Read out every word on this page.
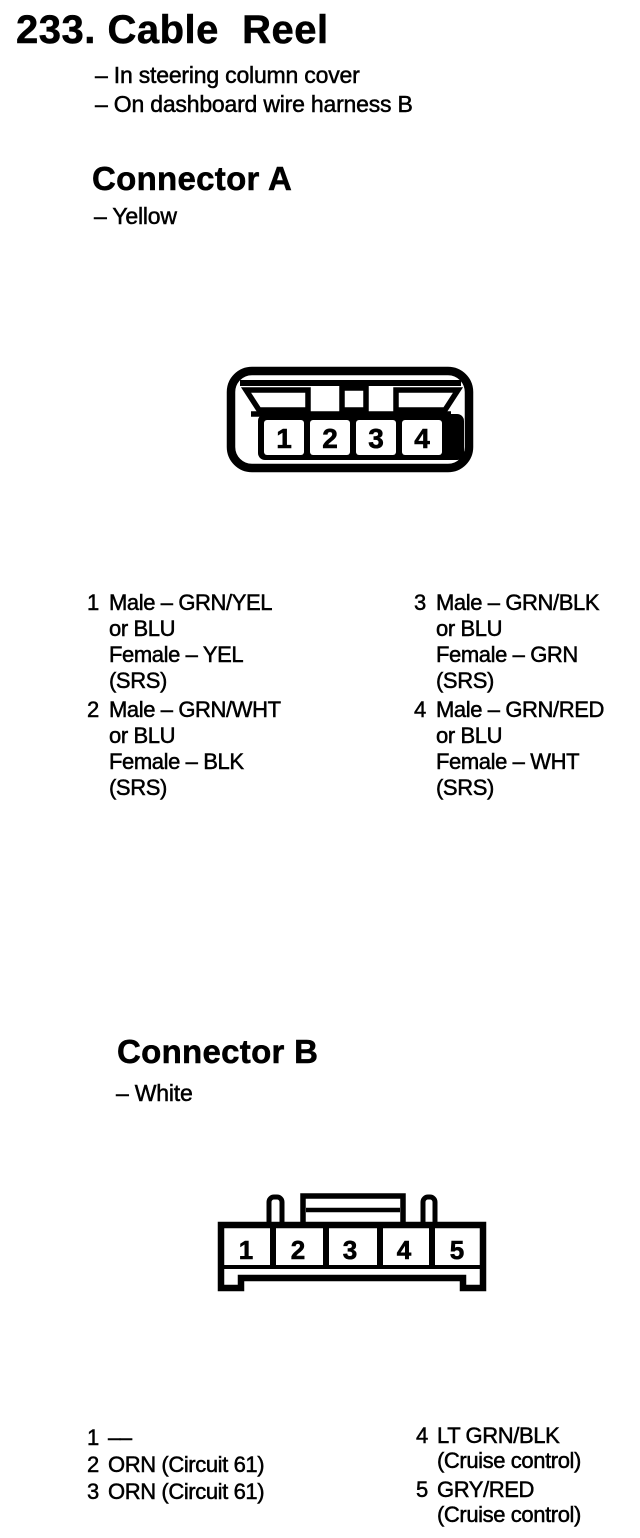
233. Cable  Reel
– In steering column cover
– On dashboard wire harness B
Connector A
– Yellow
1 2 3 4
1 Male – GRN/YEL
or BLU
Female – YEL
(SRS)
2 Male – GRN/WHT
or BLU
Female – BLK
(SRS)
3 Male – GRN/BLK
or BLU
Female – GRN
(SRS)
4 Male – GRN/RED
or BLU
Female – WHT
(SRS)
Connector B
– White
1 2 3 4 5
1 ––
2 ORN (Circuit 61)
3 ORN (Circuit 61)
4 LT GRN/BLK
(Cruise control)
5 GRY/RED
(Cruise control)
